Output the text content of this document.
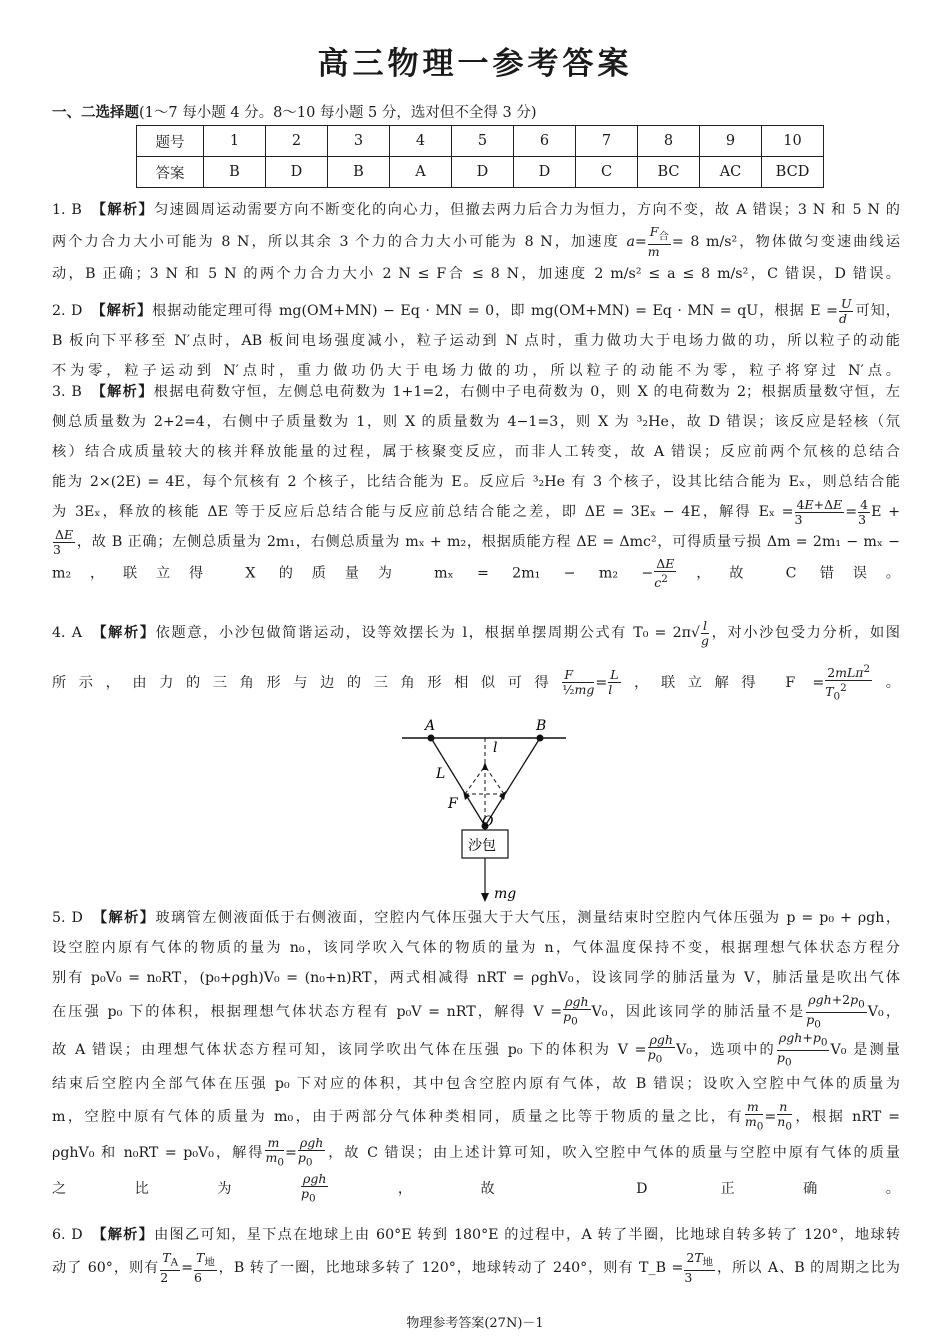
高三物理一参考答案
一、二选择题(1～7 每小题 4 分。8～10 每小题 5 分，选对但不全得 3 分)
题号	1	2	3	4	5	6	7	8	9	10
答案	B	D	B	A	D	D	C	BC	AC	BCD
1. B　 【解析】匀速圆周运动需要方向不断变化的向心力，但撤去两力后合力为恒力，方向不变，故 A 错误；3 N 和 5 N 的
两个力合力大小可能为 8 N，所以其余 3 个力的合力大小可能为 8 N，加速度 $a= \frac{F_合}{m} = 8$ m/s²，物体做匀变速曲线运
动，B 正确；3 N 和 5 N 的两个力合力大小 2 N ≤ F合 ≤ 8 N，加速度 2 m/s² ≤ a ≤ 8 m/s²，C 错误，D 错误。
2. D　 【解析】根据动能定理可得 mg(OM+MN) − Eq · MN = 0，即 mg(OM+MN) = Eq · MN = qU，根据 $E = \frac{U}{d}$ 可知，
B 板向下平移至 N′点时，AB 板间电场强度减小，粒子运动到 N 点时，重力做功大于电场力做的功，所以粒子的动能
不为零，粒子运动到 N′点时，重力做功仍大于电场力做的功，所以粒子的动能不为零，粒子将穿过 N′点。
3. B　 【解析】根据电荷数守恒，左侧总电荷数为 1+1=2，右侧中子电荷数为 0，则 X 的电荷数为 2；根据质量数守恒，左
侧总质量数为 2+2=4，右侧中子质量数为 1，则 X 的质量数为 4−1=3，则 X 为 ³₂He，故 D 错误；该反应是轻核（氘
核）结合成质量较大的核并释放能量的过程，属于核聚变反应，而非人工转变，故 A 错误；反应前两个氘核的总结合
能为 2×(2E) = 4E，每个氘核有 2 个核子，比结合能为 E。反应后 ³₂He 有 3 个核子，设其比结合能为 Eₓ，则总结合能
为 3Eₓ，释放的核能 ΔE 等于反应后总结合能与反应前总结合能之差，即 ΔE = 3Eₓ − 4E，解得 $E_x = \frac{4E+\Delta E}{3} = \frac{4}{3}$ E +
$\frac{\Delta E}{3}$ ，故 B 正确；左侧总质量为 2m₁，右侧总质量为 mₓ + m₂，根据质能方程 ΔE = Δmc²，可得质量亏损 Δm = 2m₁ − mₓ −
m₂，联立得 X 的质量为 $m_x = 2m_1 - m_2 - \frac{\Delta E}{c^2}$ ，故 C 错误。
4. A　 【解析】依题意，小沙包做简谐运动，设等效摆长为 l，根据单摆周期公式有 $T_0 = 2\pi√ \frac{l}{g}$ ，对小沙包受力分析，如图
所示，由力的三角形与边的三角形相似可得 $\frac{F}{\text{½mg}} = \frac{L}{l}$ ，联立解得 $F = \frac{2mL\pi^2}{T_0^2}$ 。
A	B
l
L
F
O
沙包
mg
5. D　 【解析】玻璃管左侧液面低于右侧液面，空腔内气体压强大于大气压，测量结束时空腔内气体压强为 p = p₀ + ρgh，
设空腔内原有气体的物质的量为 n₀，该同学吹入气体的物质的量为 n，气体温度保持不变，根据理想气体状态方程分
别有 p₀V₀ = n₀RT，(p₀+ρgh)V₀ = (n₀+n)RT，两式相减得 nRT = ρghV₀，设该同学的肺活量为 V，肺活量是吹出气体
在压强 p₀ 下的体积，根据理想气体状态方程有 p₀V = nRT，解得 $V = \frac{\text{ρgh}}{p_0} V_0$，因此该同学的肺活量不是 $\frac{\rho gh+2p_0}{p_0} V_0$，
故 A 错误；由理想气体状态方程可知，该同学吹出气体在压强 p₀ 下的体积为 $V = \frac{\text{ρgh}}{p_0} V_0$，选项中的 $\frac{\rho gh+p_0}{p_0} V_0$ 是测量
结束后空腔内全部气体在压强 p₀ 下对应的体积，其中包含空腔内原有气体，故 B 错误；设吹入空腔中气体的质量为
m，空腔中原有气体的质量为 m₀，由于两部分气体种类相同，质量之比等于物质的量之比，有 $\frac{m}{m_0} = \frac{n}{n_0}$ ，根据 nRT =
ρghV₀ 和 n₀RT = p₀V₀，解得 $\frac{m}{m_0} = \frac{\text{ρgh}}{p_0}$ ，故 C 错误；由上述计算可知，吹入空腔中气体的质量与空腔中原有气体的质量
之比为 $\frac{\text{ρgh}}{p_0}$ ，故 D 正确。
6. D　 【解析】由图乙可知，星下点在地球上由 60°E 转到 180°E 的过程中，A 转了半圈，比地球自转多转了 120°，地球转
动了 60°，则有 $\frac{T_A}{2} = \frac{T_地}{6}$ ，B 转了一圈，比地球多转了 120°，地球转动了 240°，则有 T_B = $\frac{2T_地}{3}$ ，所以 A、B 的周期之比为
物理参考答案(27N)－1
